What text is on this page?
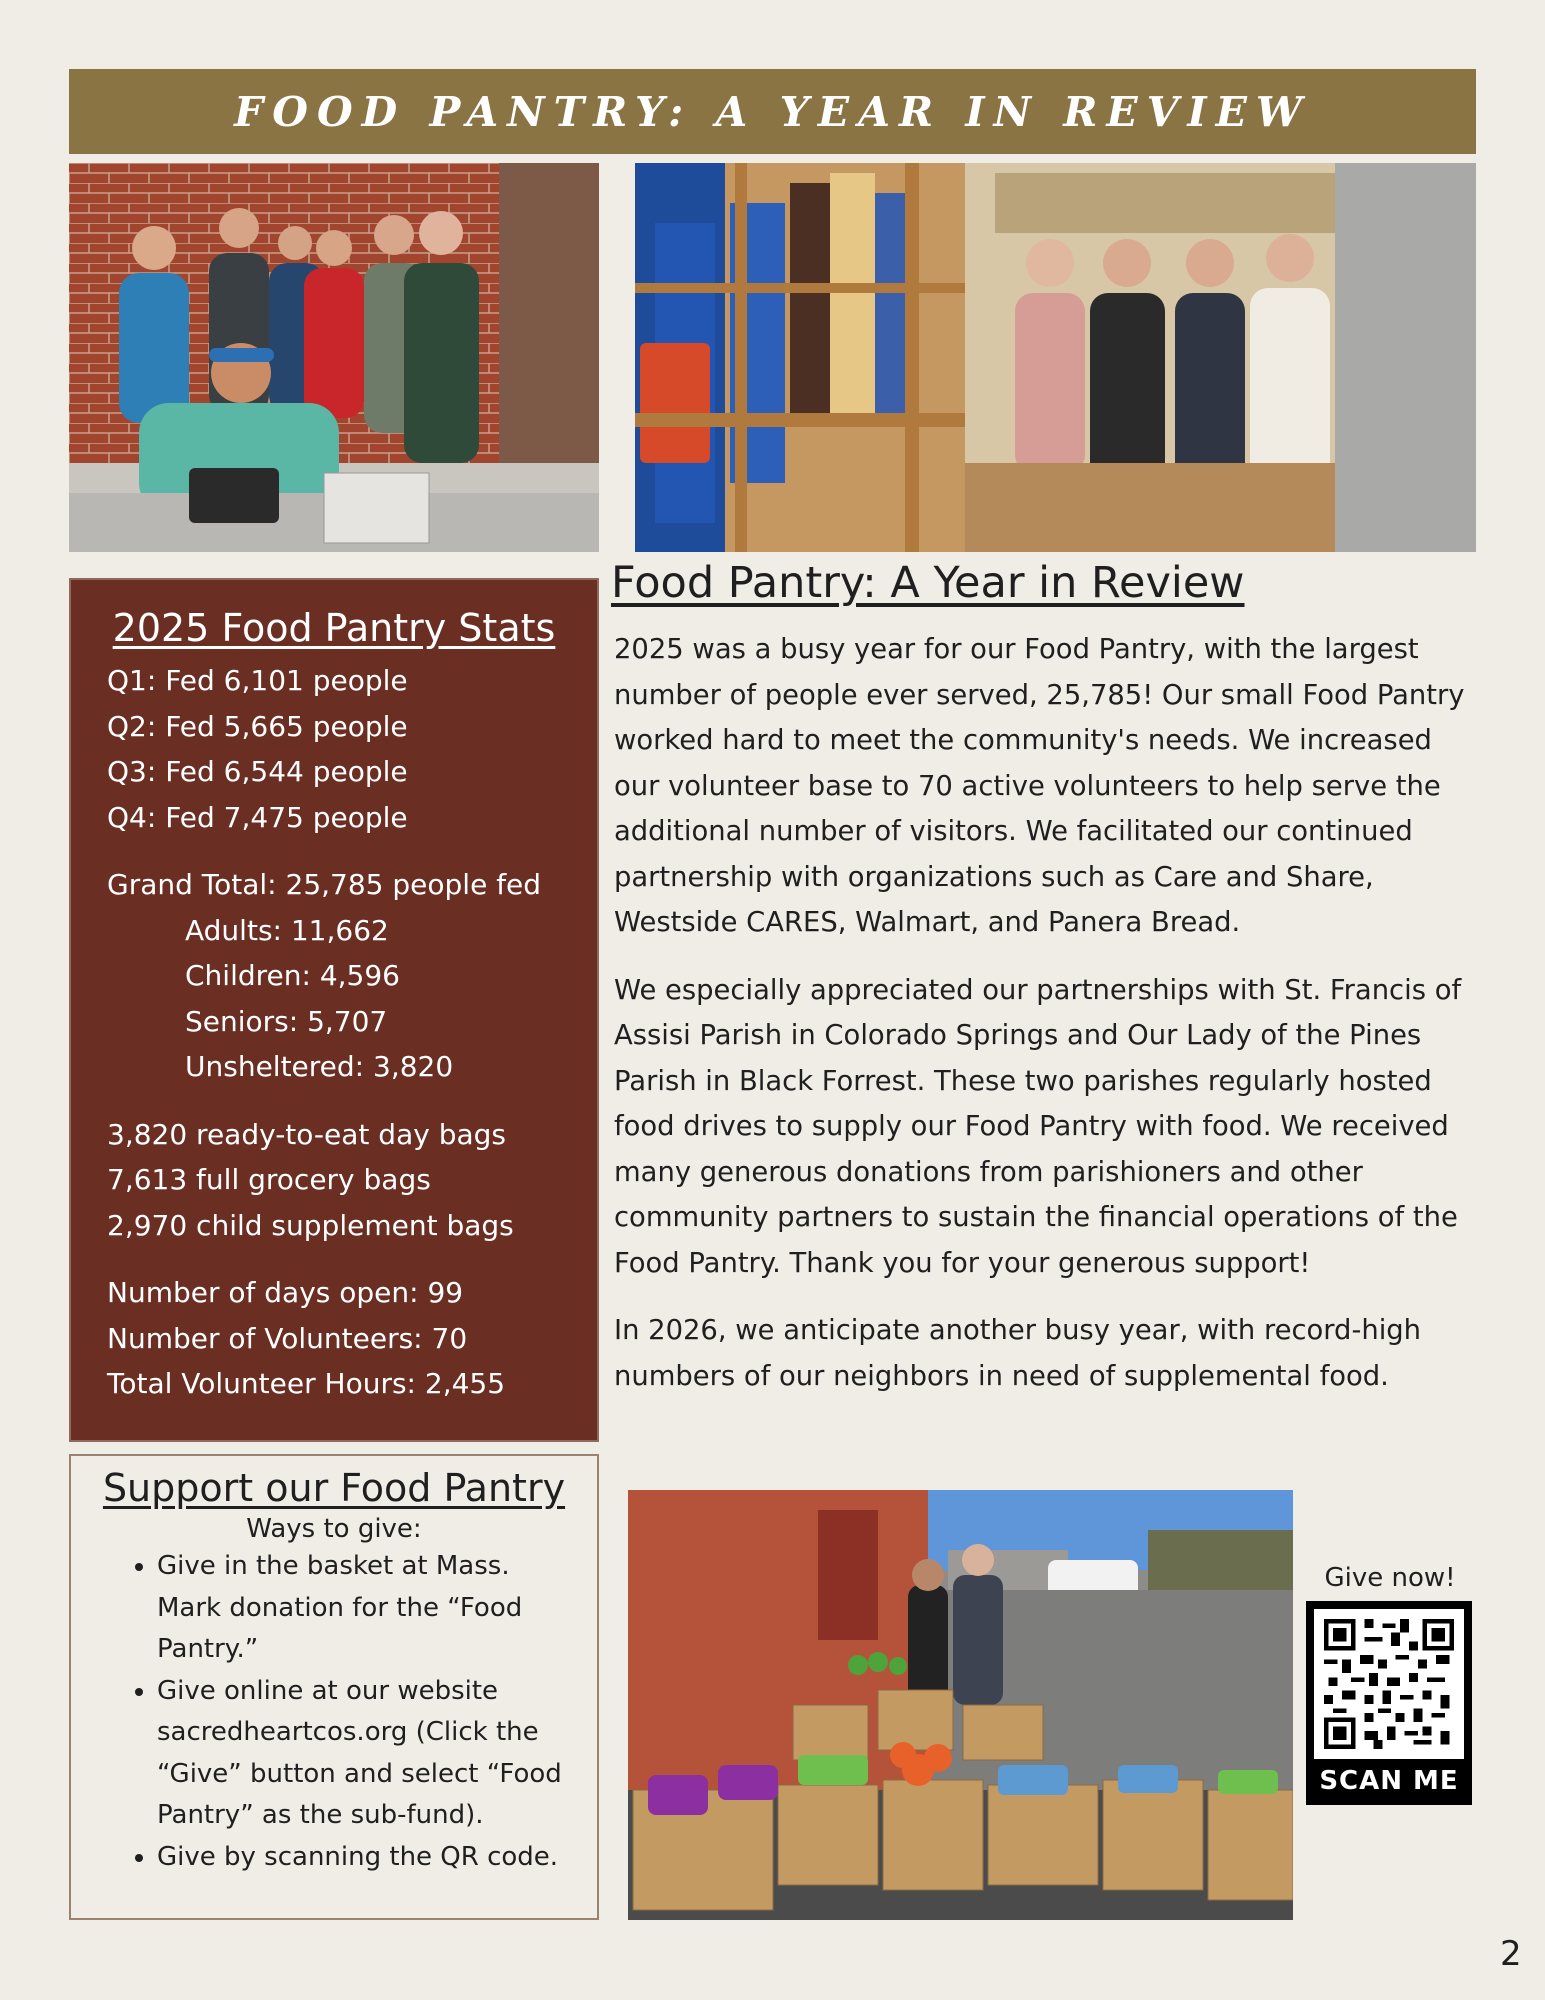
FOOD PANTRY: A YEAR IN REVIEW
2025 Food Pantry Stats
Q1: Fed 6,101 people
Q2: Fed 5,665 people
Q3: Fed 6,544 people
Q4: Fed 7,475 people
Grand Total: 25,785 people fed
Adults: 11,662
Children: 4,596
Seniors: 5,707
Unsheltered: 3,820
3,820 ready-to-eat day bags
7,613 full grocery bags
2,970 child supplement bags
Number of days open: 99
Number of Volunteers: 70
Total Volunteer Hours: 2,455
Support our Food Pantry
Ways to give:
• Give in the basket at Mass. Mark donation for the “Food Pantry.”
• Give online at our website sacredheartcos.org (Click the “Give” button and select “Food Pantry” as the sub-fund).
• Give by scanning the QR code.
Food Pantry: A Year in Review

2025 was a busy year for our Food Pantry, with the largest number of people ever served, 25,785! Our small Food Pantry worked hard to meet the community's needs. We increased our volunteer base to 70 active volunteers to help serve the additional number of visitors. We facilitated our continued partnership with organizations such as Care and Share, Westside CARES, Walmart, and Panera Bread.

We especially appreciated our partnerships with St. Francis of Assisi Parish in Colorado Springs and Our Lady of the Pines Parish in Black Forrest. These two parishes regularly hosted food drives to supply our Food Pantry with food. We received many generous donations from parishioners and other community partners to sustain the financial operations of the Food Pantry. Thank you for your generous support!

In 2026, we anticipate another busy year, with record-high numbers of our neighbors in need of supplemental food.

Give now!
SCAN ME
2
